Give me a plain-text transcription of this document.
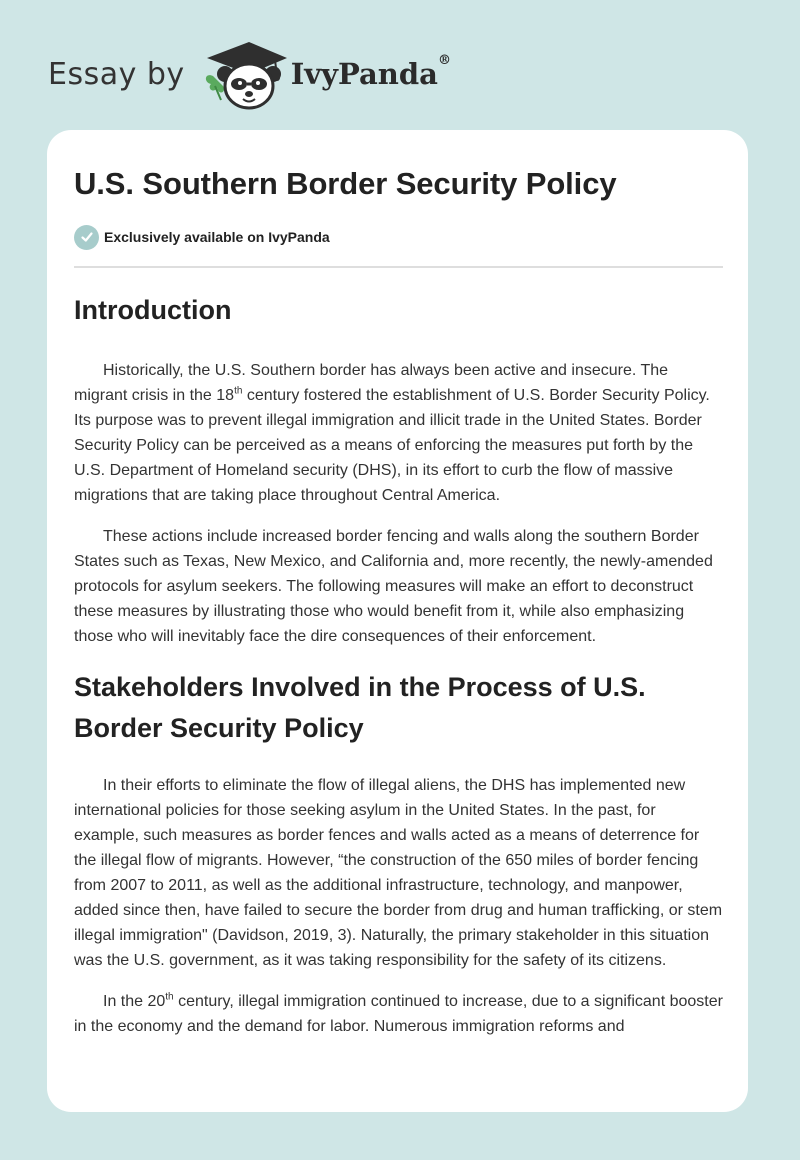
Essay by	IvyPanda®
U.S. Southern Border Security Policy
Exclusively available on IvyPanda
Introduction

Historically, the U.S. Southern border has always been active and insecure. The migrant crisis in the 18th century fostered the establishment of U.S. Border Security Policy. Its purpose was to prevent illegal immigration and illicit trade in the United States. Border Security Policy can be perceived as a means of enforcing the measures put forth by the U.S. Department of Homeland security (DHS), in its effort to curb the flow of massive migrations that are taking place throughout Central America.

These actions include increased border fencing and walls along the southern Border States such as Texas, New Mexico, and California and, more recently, the newly-amended protocols for asylum seekers. The following measures will make an effort to deconstruct these measures by illustrating those who would benefit from it, while also emphasizing those who will inevitably face the dire consequences of their enforcement.

Stakeholders Involved in the Process of U.S. Border Security Policy

In their efforts to eliminate the flow of illegal aliens, the DHS has implemented new international policies for those seeking asylum in the United States. In the past, for example, such measures as border fences and walls acted as a means of deterrence for the illegal flow of migrants. However, “the construction of the 650 miles of border fencing from 2007 to 2011, as well as the additional infrastructure, technology, and manpower, added since then, have failed to secure the border from drug and human trafficking, or stem illegal immigration" (Davidson, 2019, 3). Naturally, the primary stakeholder in this situation was the U.S. government, as it was taking responsibility for the safety of its citizens.

In the 20th century, illegal immigration continued to increase, due to a significant booster in the economy and the demand for labor. Numerous immigration reforms and
